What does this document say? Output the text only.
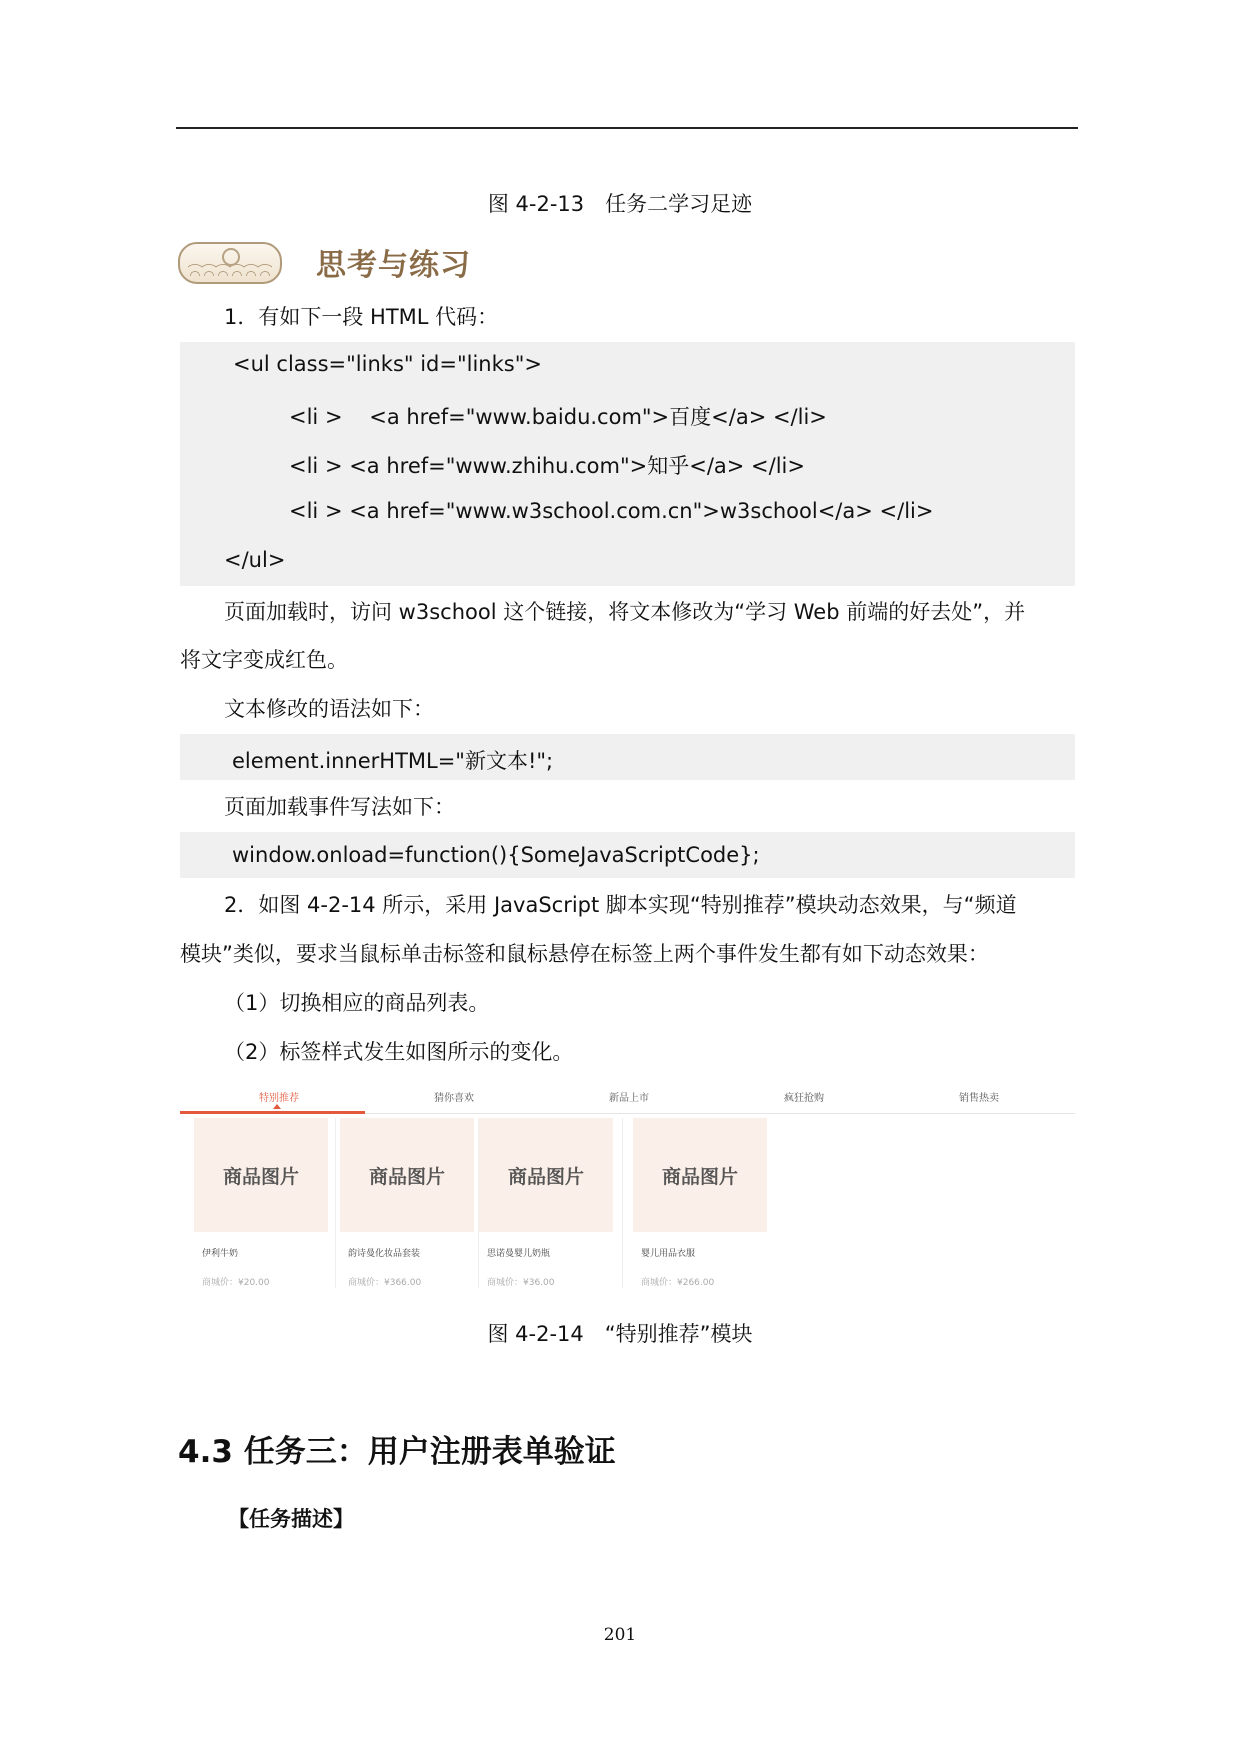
图 4-2-13　任务二学习足迹
思考与练习
1．有如下一段 HTML 代码：
<ul class="links" id="links">
<li >    <a href="www.baidu.com">百度</a> </li>
<li > <a href="www.zhihu.com">知乎</a> </li>
<li > <a href="www.w3school.com.cn">w3school</a> </li>
</ul>
页面加载时，访问 w3school 这个链接，将文本修改为“学习 Web 前端的好去处”，并
将文字变成红色。
文本修改的语法如下：
element.innerHTML="新文本!";
页面加载事件写法如下：
window.onload=function(){SomeJavaScriptCode};
2．如图 4-2-14 所示，采用 JavaScript 脚本实现“特别推荐”模块动态效果，与“频道
模块”类似，要求当鼠标单击标签和鼠标悬停在标签上两个事件发生都有如下动态效果：
（1）切换相应的商品列表。
（2）标签样式发生如图所示的变化。
特别推荐	猜你喜欢	新品上市	疯狂抢购	销售热卖
商品图片
伊利牛奶
商城价：¥20.00
商品图片
韵诗曼化妆品套装
商城价：¥366.00
商品图片
思诺曼婴儿奶瓶
商城价：¥36.00
商品图片
婴儿用品衣服
商城价：¥266.00
图 4-2-14　“特别推荐”模块
4.3 任务三：用户注册表单验证
【任务描述】
201
